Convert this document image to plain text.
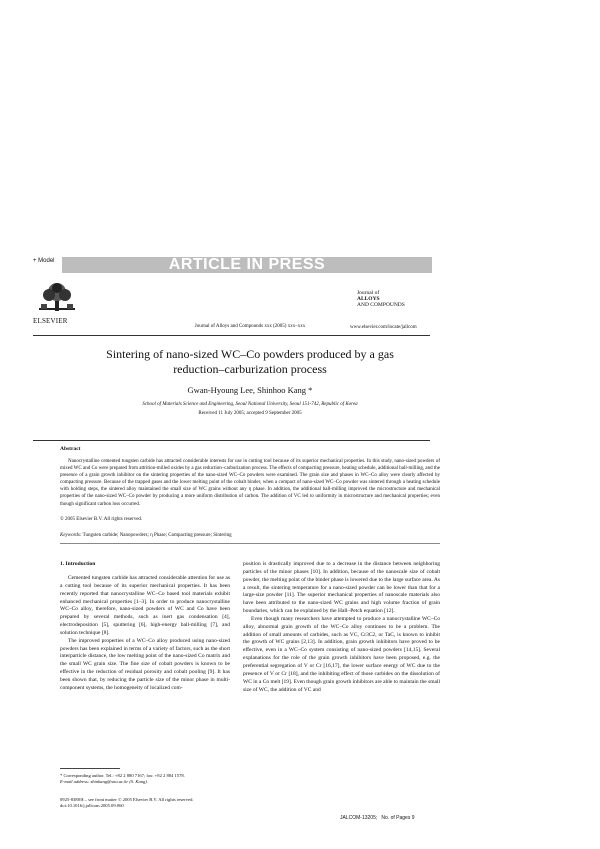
+ Model	ARTICLE IN PRESS
ELSEVIER
Journal of Alloys and Compounds xxx (2005) xxx–xxx
Journal of
ALLOYS
AND COMPOUNDS
www.elsevier.com/locate/jallcom
Sintering of nano-sized WC–Co powders produced by a gas reduction–carburization process
Gwan-Hyoung Lee, Shinhoo Kang *
School of Materials Science and Engineering, Seoul National University, Seoul 151-742, Republic of Korea
Received 11 July 2005; accepted 9 September 2005
Abstract
Nanocrystalline cemented tungsten carbide has attracted considerable interests for use in cutting tool because of its superior mechanical properties. In this study, nano-sized powders of mixed WC and Co were prepared from attrition-milled oxides by a gas reduction–carburization process. The effects of compacting pressure, heating schedule, additional ball-milling, and the presence of a grain growth inhibitor on the sintering properties of the nano-sized WC–Co powders were examined. The grain size and phases in WC–Co alloy were clearly affected by compacting pressure. Because of the trapped gases and the lower melting point of the cobalt binder, when a compact of nano-sized WC–Co powder was sintered through a heating schedule with holding steps, the sintered alloy maintained the small size of WC grains without any η phase. In addition, the additional ball-milling improved the microstructure and mechanical properties of the nano-sized WC–Co powder by producing a more uniform distribution of carbon. The addition of VC led to uniformity in microstructure and mechanical properties; even though significant carbon loss occurred.
© 2005 Elsevier B.V. All rights reserved.
Keywords: Tungsten carbide; Nanopowders; η Phase; Compacting pressure; Sintering
1. Introduction

Cemented tungsten carbide has attracted considerable attention for use as a cutting tool because of its superior mechanical properties. It has been recently reported that nanocrystalline WC–Co based tool materials exhibit enhanced mechanical properties [1–3]. In order to produce nanocrystalline WC–Co alloy, therefore, nano-sized powders of WC and Co have been prepared by several methods, such as inert gas condensation [4], electrodeposition [5], sputtering [6], high-energy ball-milling [7], and solution technique [8].

The improved properties of a WC–Co alloy produced using nano-sized powders has been explained in terms of a variety of factors, such as the short interparticle distance, the low melting point of the nano-sized Co matrix and the small WC grain size. The fine size of cobalt powders is known to be effective in the reduction of residual porosity and cobalt pooling [9]. It has been shown that, by reducing the particle size of the minor phase in multi-component systems, the homogeneity of localized com-

position is drastically improved due to a decrease in the distance between neighboring particles of the minor phases [10]. In addition, because of the nanoscale size of cobalt powder, the melting point of the binder phase is lowered due to the large surface area. As a result, the sintering temperature for a nano-sized powder can be lower than that for a large-size powder [11]. The superior mechanical properties of nanoscale materials also have been attributed to the nano-sized WC grains and high volume fraction of grain boundaries, which can be explained by the Hall–Petch equation [12].

Even though many researchers have attempted to produce a nanocrystalline WC–Co alloy, abnormal grain growth of the WC–Co alloy continues to be a problem. The addition of small amounts of carbides, such as VC, Cr3C2, or TaC, is known to inhibit the growth of WC grains [2,13]. In addition, grain growth inhibitors have proved to be effective, even in a WC–Co system consisting of nano-sized powders [14,15]. Several explanations for the role of the grain growth inhibitors have been proposed, e.g. the preferential segregation of V or Cr [16,17], the lower surface energy of WC due to the presence of V or Cr [18], and the inhibiting effect of those carbides on the dissolution of WC in a Co melt [19]. Even though grain growth inhibitors are able to maintain the small size of WC, the addition of VC and

* Corresponding author. Tel.: +82 2 880 7167; fax: +82 2 884 1578.
E-mail address: shinkang@snu.ac.kr (S. Kang).
0925-8388/$ – see front matter © 2005 Elsevier B.V. All rights reserved.
doi:10.1016/j.jallcom.2005.09.060
JALCOM-13205; No. of Pages 9
